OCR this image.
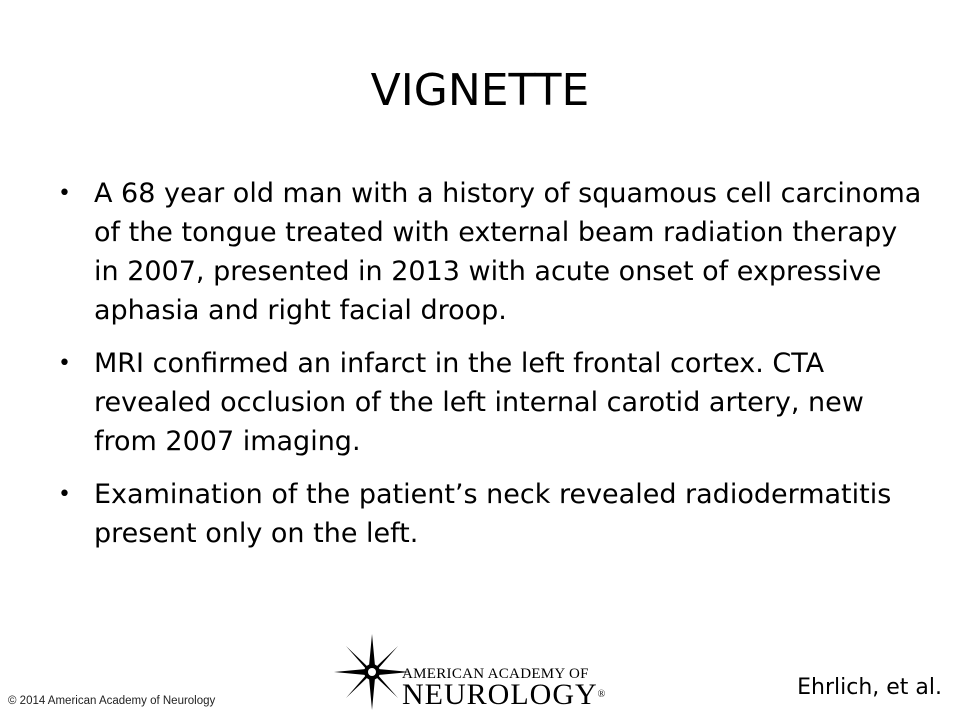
VIGNETTE
• A 68 year old man with a history of squamous cell carcinoma of the tongue treated with external beam radiation therapy in 2007, presented in 2013 with acute onset of expressive aphasia and right facial droop.
• MRI confirmed an infarct in the left frontal cortex. CTA revealed occlusion of the left internal carotid artery, new from 2007 imaging.
• Examination of the patient’s neck revealed radiodermatitis present only on the left.
AMERICAN ACADEMY OF
NEUROLOGY®
© 2014 American Academy of Neurology
Ehrlich, et al.
